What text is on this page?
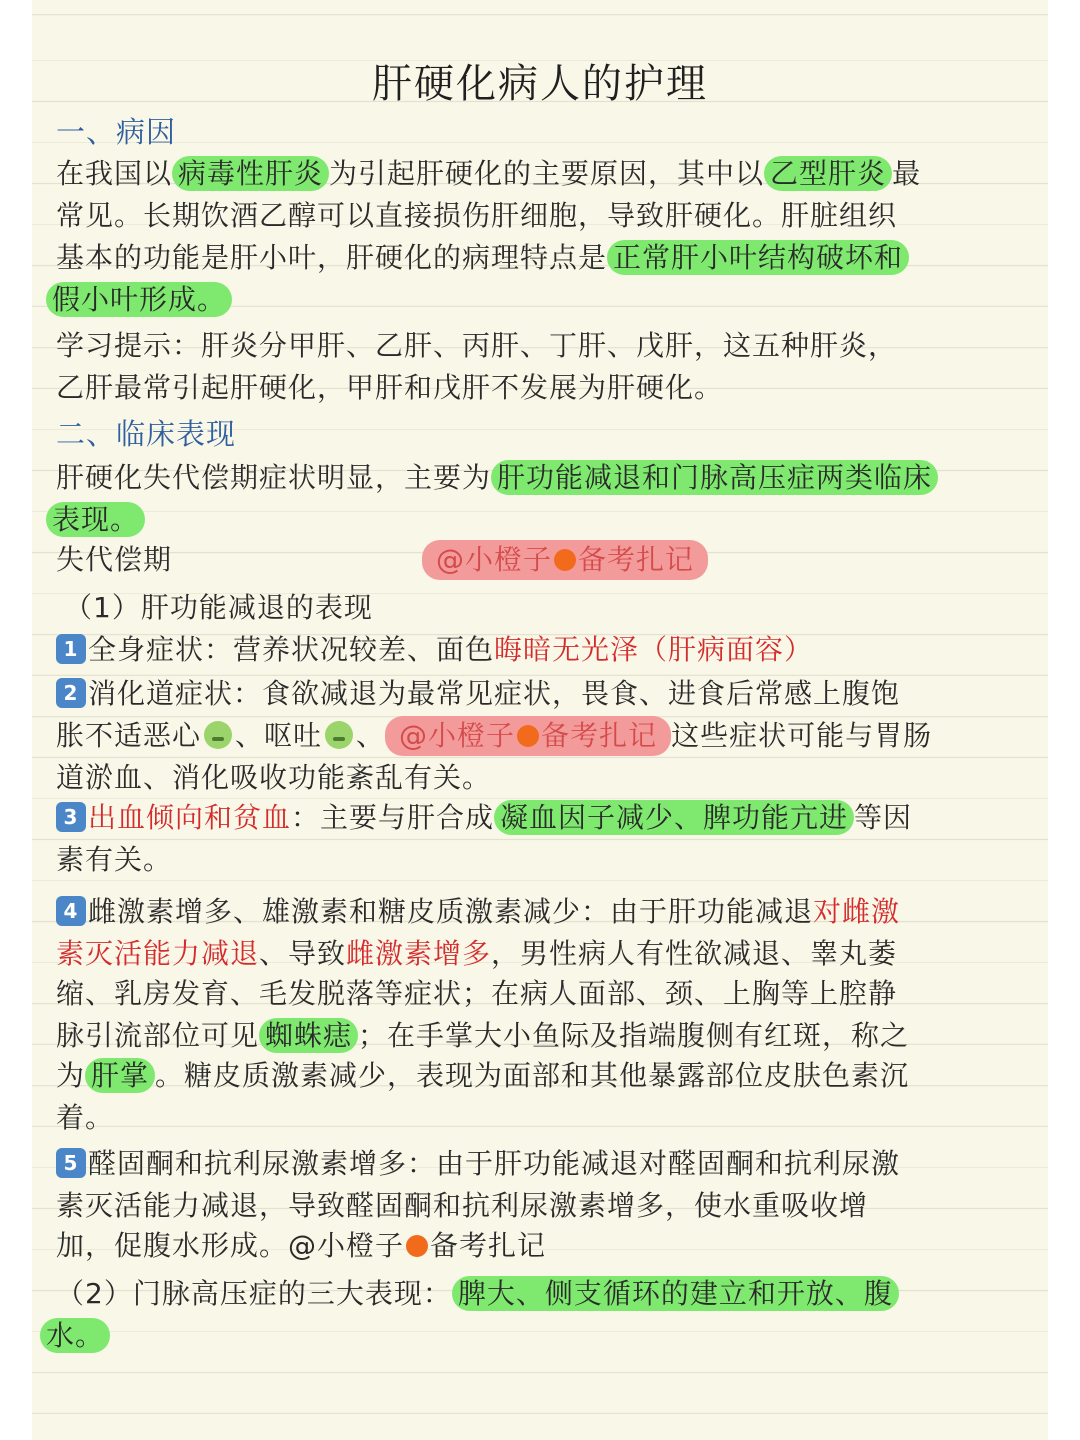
肝硬化病人的护理
一、病因
在我国以 病毒性肝炎 为引起肝硬化的主要原因，其中以 乙型肝炎 最
常见。长期饮酒乙醇可以直接损伤肝细胞，导致肝硬化。肝脏组织
基本的功能是肝小叶，肝硬化的病理特点是 正常肝小叶结构破坏和
假小叶形成。
学习提示：肝炎分甲肝、乙肝、丙肝、丁肝、戊肝，这五种肝炎，
乙肝最常引起肝硬化，甲肝和戊肝不发展为肝硬化。
二、临床表现
肝硬化失代偿期症状明显，主要为 肝功能减退和门脉高压症两类临床
表现。
失代偿期	@小橙子 备考扎记
（1）肝功能减退的表现
1 全身症状：营养状况较差、面色晦暗无光泽（肝病面容）
2 消化道症状：食欲减退为最常见症状，畏食、进食后常感上腹饱
胀不适恶心 、呕吐 、 @小橙子 备考扎记 这些症状可能与胃肠
道淤血、消化吸收功能紊乱有关。
3 出血倾向和贫血：主要与肝合成 凝血因子减少、脾功能亢进 等因
素有关。
4 雌激素增多、雄激素和糖皮质激素减少：由于肝功能减退对雌激
素灭活能力减退、导致雌激素增多，男性病人有性欲减退、睾丸萎
缩、乳房发育、毛发脱落等症状；在病人面部、颈、上胸等上腔静
脉引流部位可见 蜘蛛痣 ；在手掌大小鱼际及指端腹侧有红斑，称之
为 肝掌 。糖皮质激素减少，表现为面部和其他暴露部位皮肤色素沉
着。
5 醛固酮和抗利尿激素增多：由于肝功能减退对醛固酮和抗利尿激
素灭活能力减退，导致醛固酮和抗利尿激素增多，使水重吸收增
加，促腹水形成。@小橙子 备考扎记
（2）门脉高压症的三大表现： 脾大、侧支循环的建立和开放、腹
水。
